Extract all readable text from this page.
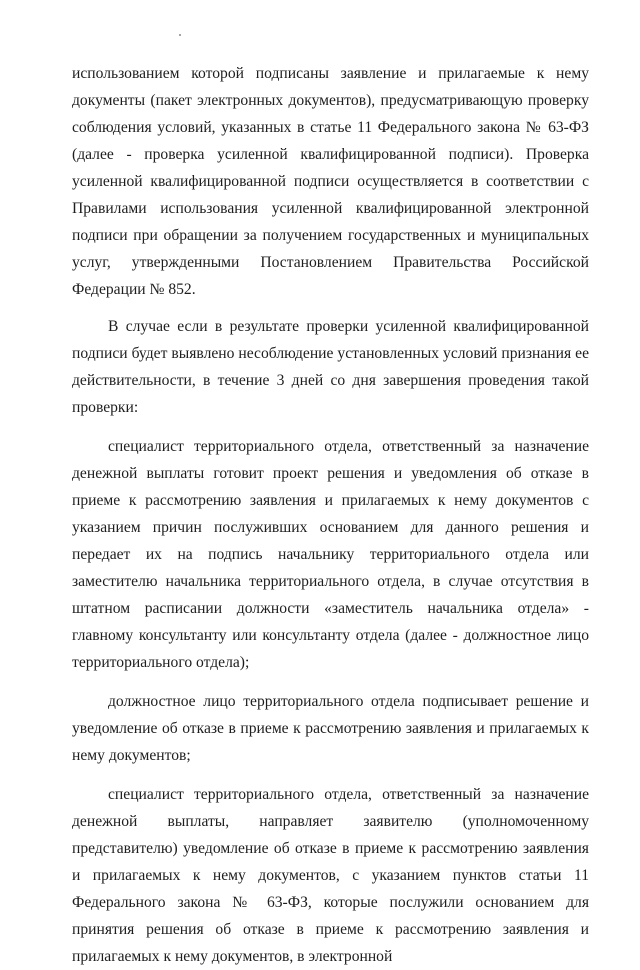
использованием которой подписаны заявление и прилагаемые к нему документы (пакет электронных документов), предусматривающую проверку соблюдения условий, указанных в статье 11 Федерального закона № 63-ФЗ (далее - проверка усиленной квалифицированной подписи). Проверка усиленной квалифицированной подписи осуществляется в соответствии с Правилами использования усиленной квалифицированной электронной подписи при обращении за получением государственных и муниципальных услуг, утвержденными Постановлением Правительства Российской Федерации № 852.

В случае если в результате проверки усиленной квалифицированной подписи будет выявлено несоблюдение установленных условий признания ее действительности, в течение 3 дней со дня завершения проведения такой проверки:

специалист территориального отдела, ответственный за назначение денежной выплаты готовит проект решения и уведомления об отказе в приеме к рассмотрению заявления и прилагаемых к нему документов с указанием причин послуживших основанием для данного решения и передает их на подпись начальнику территориального отдела или заместителю начальника территориального отдела, в случае отсутствия в штатном расписании должности «заместитель начальника отдела» - главному консультанту или консультанту отдела (далее - должностное лицо территориального отдела);

должностное лицо территориального отдела подписывает решение и уведомление об отказе в приеме к рассмотрению заявления и прилагаемых к нему документов;

специалист территориального отдела, ответственный за назначение денежной выплаты, направляет заявителю (уполномоченному представителю) уведомление об отказе в приеме к рассмотрению заявления и прилагаемых к нему документов, с указанием пунктов статьи 11 Федерального закона № 63-ФЗ, которые послужили основанием для принятия решения об отказе в приеме к рассмотрению заявления и прилагаемых к нему документов, в электронной
